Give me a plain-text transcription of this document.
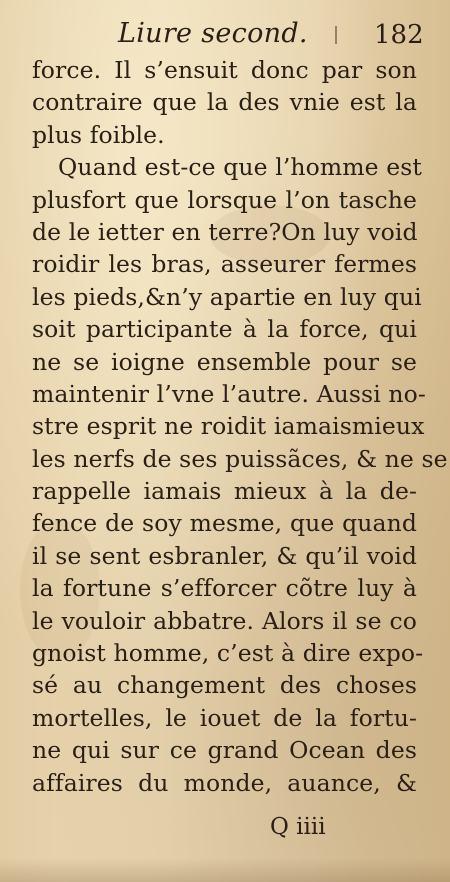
Liure second.	182
force. Il s’ensuit donc par son
contraire que la des vnie est la
plus foible.
Quand est-ce que l’homme est
plusfort que lorsque l’on tasche
de le ietter en terre?On luy void
roidir les bras, asseurer fermes
les pieds,&n’y apartie en luy qui
soit participante à la force, qui
ne se ioigne ensemble pour se
maintenir l’vne l’autre. Aussi no-
stre esprit ne roidit iamaismieux
les nerfs de ses puissãces, & ne se
rappelle iamais mieux à la de-
fence de soy mesme, que quand
il se sent esbranler, & qu’il void
la fortune s’efforcer cõtre luy à
le vouloir abbatre. Alors il se co
gnoist homme, c’est à dire expo-
sé au changement des choses
mortelles, le iouet de la fortu-
ne qui sur ce grand Ocean des
affaires du monde, auance, &
Q iiii
